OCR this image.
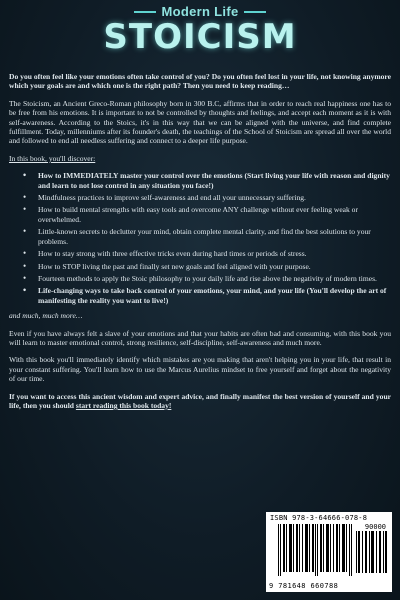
Modern Life
STOICISM

Do you often feel like your emotions often take control of you? Do you often feel lost in your life, not knowing anymore which your goals are and which one is the right path? Then you need to keep reading…

The Stoicism, an Ancient Greco-Roman philosophy born in 300 B.C, affirms that in order to reach real happiness one has to be free from his emotions. It is important to not be controlled by thoughts and feelings, and accept each moment as it is with self-awareness. According to the Stoics, it's in this way that we can be aligned with the universe, and find complete fulfillment. Today, millenniums after its founder's death, the teachings of the School of Stoicism are spread all over the world and followed to end all needless suffering and connect to a deeper life purpose.

In this book, you'll discover:

• How to IMMEDIATELY master your control over the emotions (Start living your life with reason and dignity and learn to not lose control in any situation you face!)
• Mindfulness practices to improve self-awareness and end all your unnecessary suffering.
• How to build mental strengths with easy tools and overcome ANY challenge without ever feeling weak or overwhelmed.
• Little-known secrets to declutter your mind, obtain complete mental clarity, and find the best solutions to your problems.
• How to stay strong with three effective tricks even during hard times or periods of stress.
• How to STOP living the past and finally set new goals and feel aligned with your purpose.
• Fourteen methods to apply the Stoic philosophy to your daily life and rise above the negativity of modern times.
• Life-changing ways to take back control of your emotions, your mind, and your life (You'll develop the art of manifesting the reality you want to live!)

and much, much more…

Even if you have always felt a slave of your emotions and that your habits are often bad and consuming, with this book you will learn to master emotional control, strong resilience, self-discipline, self-awareness and much more.

With this book you'll immediately identify which mistakes are you making that aren't helping you in your life, that result in your constant suffering. You'll learn how to use the Marcus Aurelius mindset to free yourself and forget about the negativity of our time.

If you want to access this ancient wisdom and expert advice, and finally manifest the best version of yourself and your life, then you should start reading this book today!

ISBN 978-3-64666-078-8
90000
9 781648 660788
